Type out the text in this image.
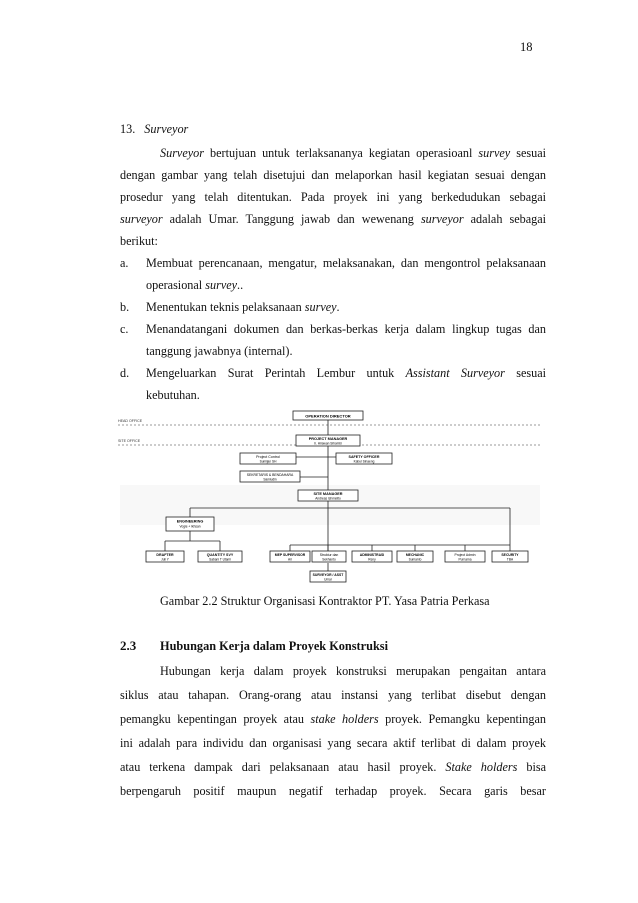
18
13. Surveyor
Surveyor bertujuan untuk terlaksananya kegiatan operasioanl survey sesuai
dengan gambar yang telah disetujui dan melaporkan hasil kegiatan sesuai dengan
prosedur yang telah ditentukan. Pada proyek ini yang berkedudukan sebagai
surveyor adalah Umar. Tanggung jawab dan wewenang surveyor adalah sebagai
berikut:
a. Membuat perencanaan, mengatur, melaksanakan, dan mengontrol pelaksanaan
operasional survey..
b. Menentukan teknis pelaksanaan survey.
c. Menandatangani dokumen dan berkas-berkas kerja dalam lingkup tugas dan
tanggung jawabnya (internal).
d. Mengeluarkan Surat Perintah Lembur untuk Assistant Surveyor sesuai
kebutuhan.
HEAD OFFICE
SITE OFFICE
OPERATION DIRECTOR
PROJECT MANAGER
Ir. Hirawan Sihombi
Project Control
Sumijan SH
SAFETY OFFICER
Kabul Sinaeng
SEKRETARIS & BENDAHARA
Samiudin
SITE MANAGER
Andreas Ishmelito
ENGINEERING
Vogie + Ikhsan
DRAFTER
Juli Y
QUANTITY SVY
Sabani T Utami
MEP SUPERVISOR
Ari
Struktur dan
Sekhanto
ADMINISTRASI
Reny
MECHANIC
Sumanto
Project Admin
Purnama
SECURITY
TBA
SURVEYOR / ASST
Umar
Gambar 2.2 Struktur Organisasi Kontraktor PT. Yasa Patria Perkasa
2.3 Hubungan Kerja dalam Proyek Konstruksi
Hubungan kerja dalam proyek konstruksi merupakan pengaitan antara
siklus atau tahapan. Orang-orang atau instansi yang terlibat disebut dengan
pemangku kepentingan proyek atau stake holders proyek. Pemangku kepentingan
ini adalah para individu dan organisasi yang secara aktif terlibat di dalam proyek
atau terkena dampak dari pelaksanaan atau hasil proyek. Stake holders bisa
berpengaruh positif maupun negatif terhadap proyek. Secara garis besar
